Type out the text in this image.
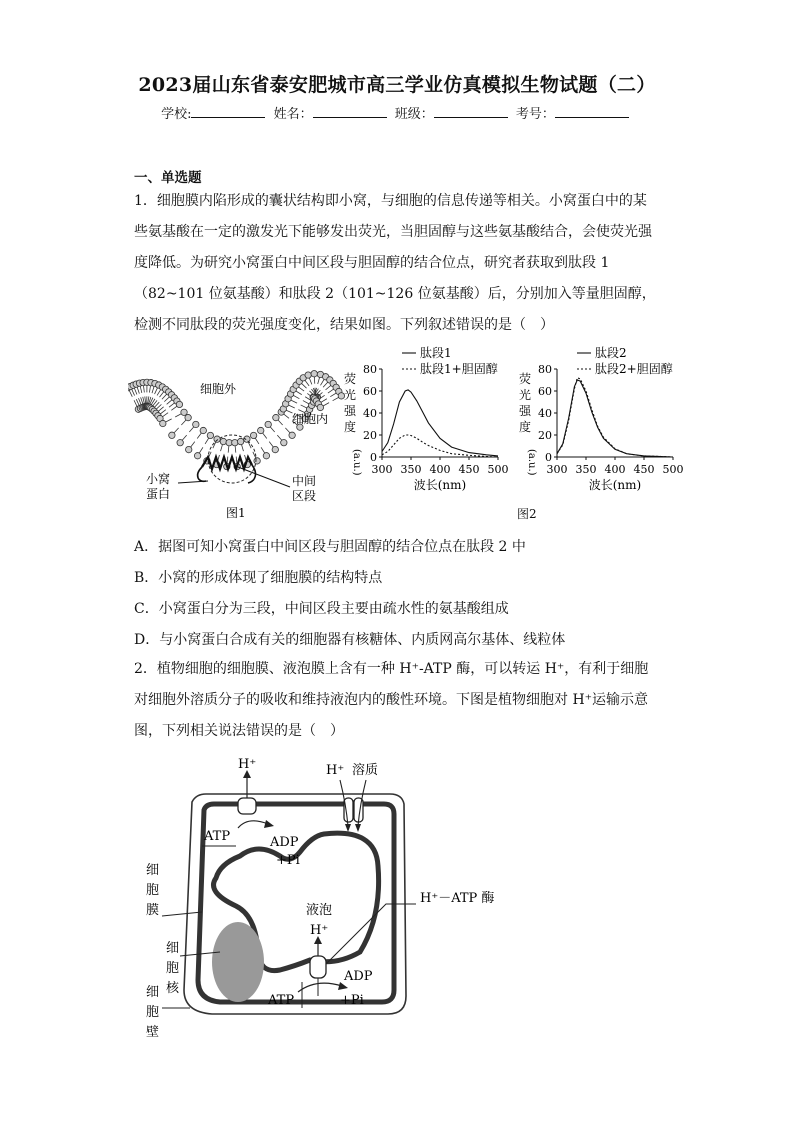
2023届山东省泰安肥城市高三学业仿真模拟生物试题（二）
学校:	姓名：	班级：	考号：
一、单选题
1．细胞膜内陷形成的囊状结构即小窝，与细胞的信息传递等相关。小窝蛋白中的某些氨基酸在一定的激发光下能够发出荧光，当胆固醇与这些氨基酸结合，会使荧光强度降低。为研究小窝蛋白中间区段与胆固醇的结合位点，研究者获取到肽段 1（82~101 位氨基酸）和肽段 2（101~126 位氨基酸）后，分别加入等量胆固醇，检测不同肽段的荧光强度变化，结果如图。下列叙述错误的是（　）
细胞外
细胞内
小窝
蛋白
中间
区段
图1
300 350 400 450 500
0
20
40
60
80
波长(nm)
荧
光
强
度
(a.u.)
肽段1
肽段1+胆固醇
300 350 400 450 500
0
20
40
60
80
波长(nm)
荧
光
强
度
(a.u.)
肽段2
肽段2+胆固醇
图2
A．据图可知小窝蛋白中间区段与胆固醇的结合位点在肽段 2 中
B．小窝的形成体现了细胞膜的结构特点
C．小窝蛋白分为三段，中间区段主要由疏水性的氨基酸组成
D．与小窝蛋白合成有关的细胞器有核糖体、内质网高尔基体、线粒体
2．植物细胞的细胞膜、液泡膜上含有一种 H⁺-ATP 酶，可以转运 H⁺，有利于细胞对细胞外溶质分子的吸收和维持液泡内的酸性环境。下图是植物细胞对 H⁺运输示意图，下列相关说法错误的是（　）
H⁺	H⁺ 溶质
ATP	ADP
+Pi
液泡
H⁺
H⁺－ATP 酶
ADP
ATP	+Pi
细
胞
膜
细
胞
核
细
胞
壁
